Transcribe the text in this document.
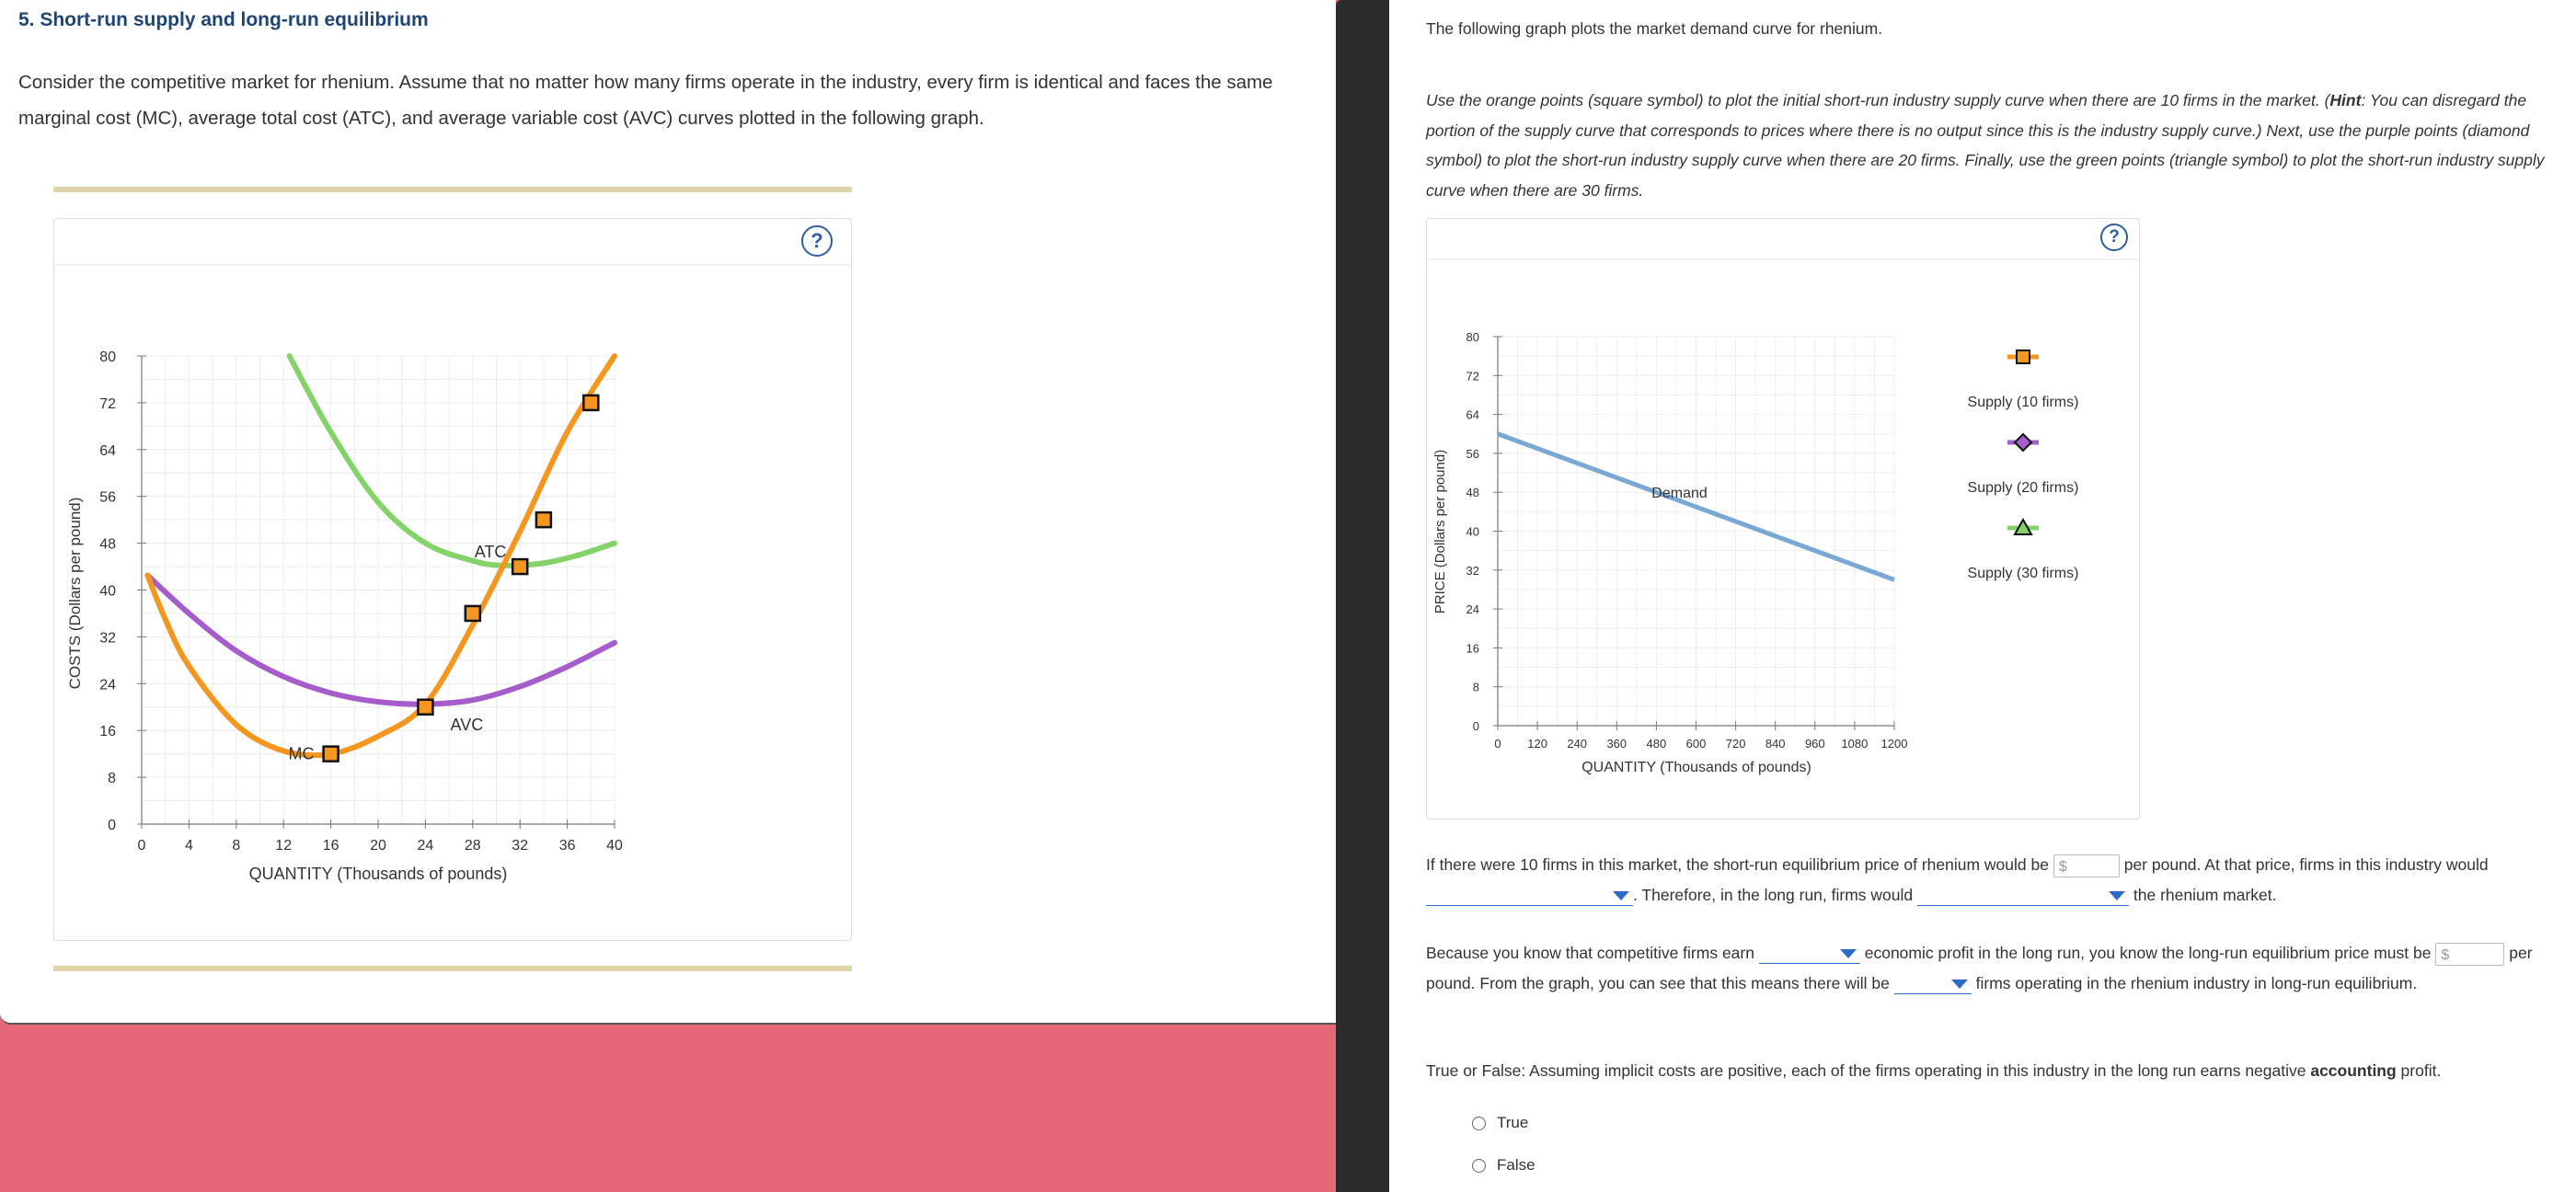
5. Short-run supply and long-run equilibrium

Consider the competitive market for rhenium. Assume that no matter how many firms operate in the industry, every firm is identical and faces the same marginal cost (MC), average total cost (ATC), and average variable cost (AVC) curves plotted in the following graph.

?
0	4	8 12 16 20 24 28 32 36 40
0
8
16
24
32
40
48
56
64
72
80
MC
AVC
ATC
COSTS (Dollars per pound)
QUANTITY (Thousands of pounds)

The following graph plots the market demand curve for rhenium.

Use the orange points (square symbol) to plot the initial short-run industry supply curve when there are 10 firms in the market. (Hint: You can disregard the portion of the supply curve that corresponds to prices where there is no output since this is the industry supply curve.) Next, use the purple points (diamond symbol) to plot the short-run industry supply curve when there are 20 firms. Finally, use the green points (triangle symbol) to plot the short-run industry supply curve when there are 30 firms.

?
0 120 240 360 480 600 720 840 960 1080 1200
0
8
16
24
32
40
48
56
64
72
80
Demand
Supply (10 firms)
Supply (20 firms)
Supply (30 firms)
PRICE (Dollars per pound)
QUANTITY (Thousands of pounds)

If there were 10 firms in this market, the short-run equilibrium price of rhenium would be $	per pound. At that price, firms in this industry would
. Therefore, in the long run, firms would	the rhenium market.

Because you know that competitive firms earn	economic profit in the long run, you know the long-run equilibrium price must be $	per pound. From the graph, you can see that this means there will be	firms operating in the rhenium industry in long-run equilibrium.

True or False: Assuming implicit costs are positive, each of the firms operating in this industry in the long run earns negative accounting profit.

True
False
